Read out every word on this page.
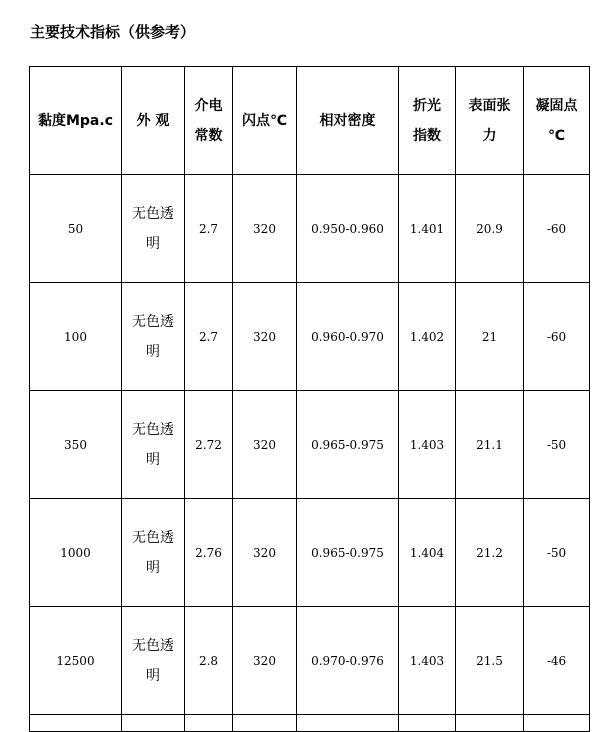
主要技术指标（供参考）
黏度Mpa.c	外 观	介电常数	闪点℃	相对密度	折光指数	表面张力	凝固点 ℃
50	无色透明	2.7	320	0.950-0.960	1.401	20.9	-60
100	无色透明	2.7	320	0.960-0.970	1.402	21	-60
350	无色透明	2.72	320	0.965-0.975	1.403	21.1	-50
1000	无色透明	2.76	320	0.965-0.975	1.404	21.2	-50
12500	无色透明	2.8	320	0.970-0.976	1.403	21.5	-46
